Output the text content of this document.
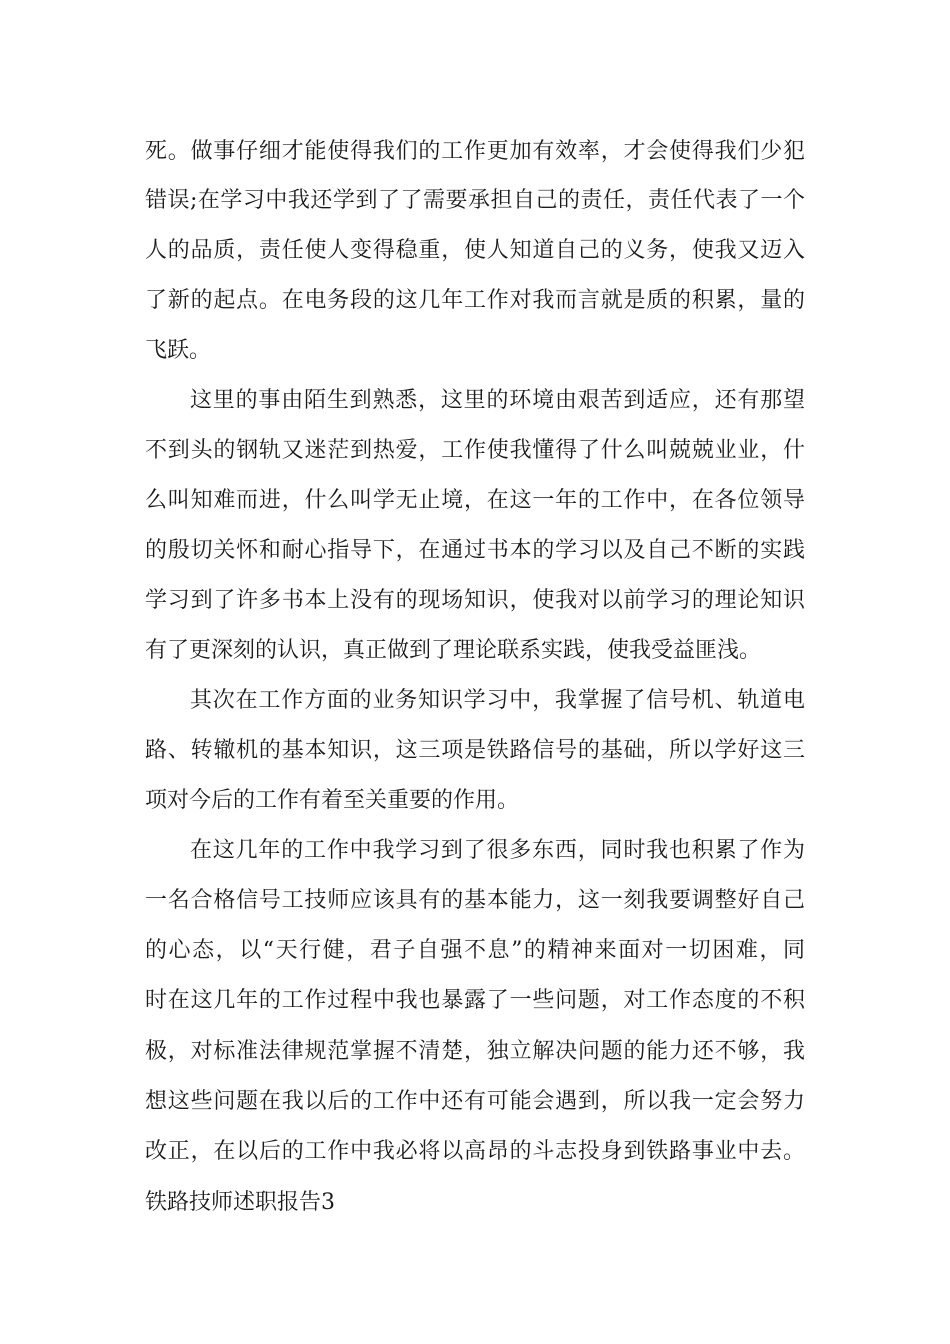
死。做事仔细才能使得我们的工作更加有效率，才会使得我们少犯

错误;在学习中我还学到了了需要承担自己的责任，责任代表了一个

人的品质，责任使人变得稳重，使人知道自己的义务，使我又迈入

了新的起点。在电务段的这几年工作对我而言就是质的积累，量的

飞跃。

这里的事由陌生到熟悉，这里的环境由艰苦到适应，还有那望

不到头的钢轨又迷茫到热爱，工作使我懂得了什么叫兢兢业业，什

么叫知难而进，什么叫学无止境，在这一年的工作中，在各位领导

的殷切关怀和耐心指导下，在通过书本的学习以及自己不断的实践

学习到了许多书本上没有的现场知识，使我对以前学习的理论知识

有了更深刻的认识，真正做到了理论联系实践，使我受益匪浅。

其次在工作方面的业务知识学习中，我掌握了信号机、轨道电

路、转辙机的基本知识，这三项是铁路信号的基础，所以学好这三

项对今后的工作有着至关重要的作用。

在这几年的工作中我学习到了很多东西，同时我也积累了作为

一名合格信号工技师应该具有的基本能力，这一刻我要调整好自己

的心态，以“天行健，君子自强不息”的精神来面对一切困难，同

时在这几年的工作过程中我也暴露了一些问题，对工作态度的不积

极，对标准法律规范掌握不清楚，独立解决问题的能力还不够，我

想这些问题在我以后的工作中还有可能会遇到，所以我一定会努力

改正，在以后的工作中我必将以高昂的斗志投身到铁路事业中去。

铁路技师述职报告3
